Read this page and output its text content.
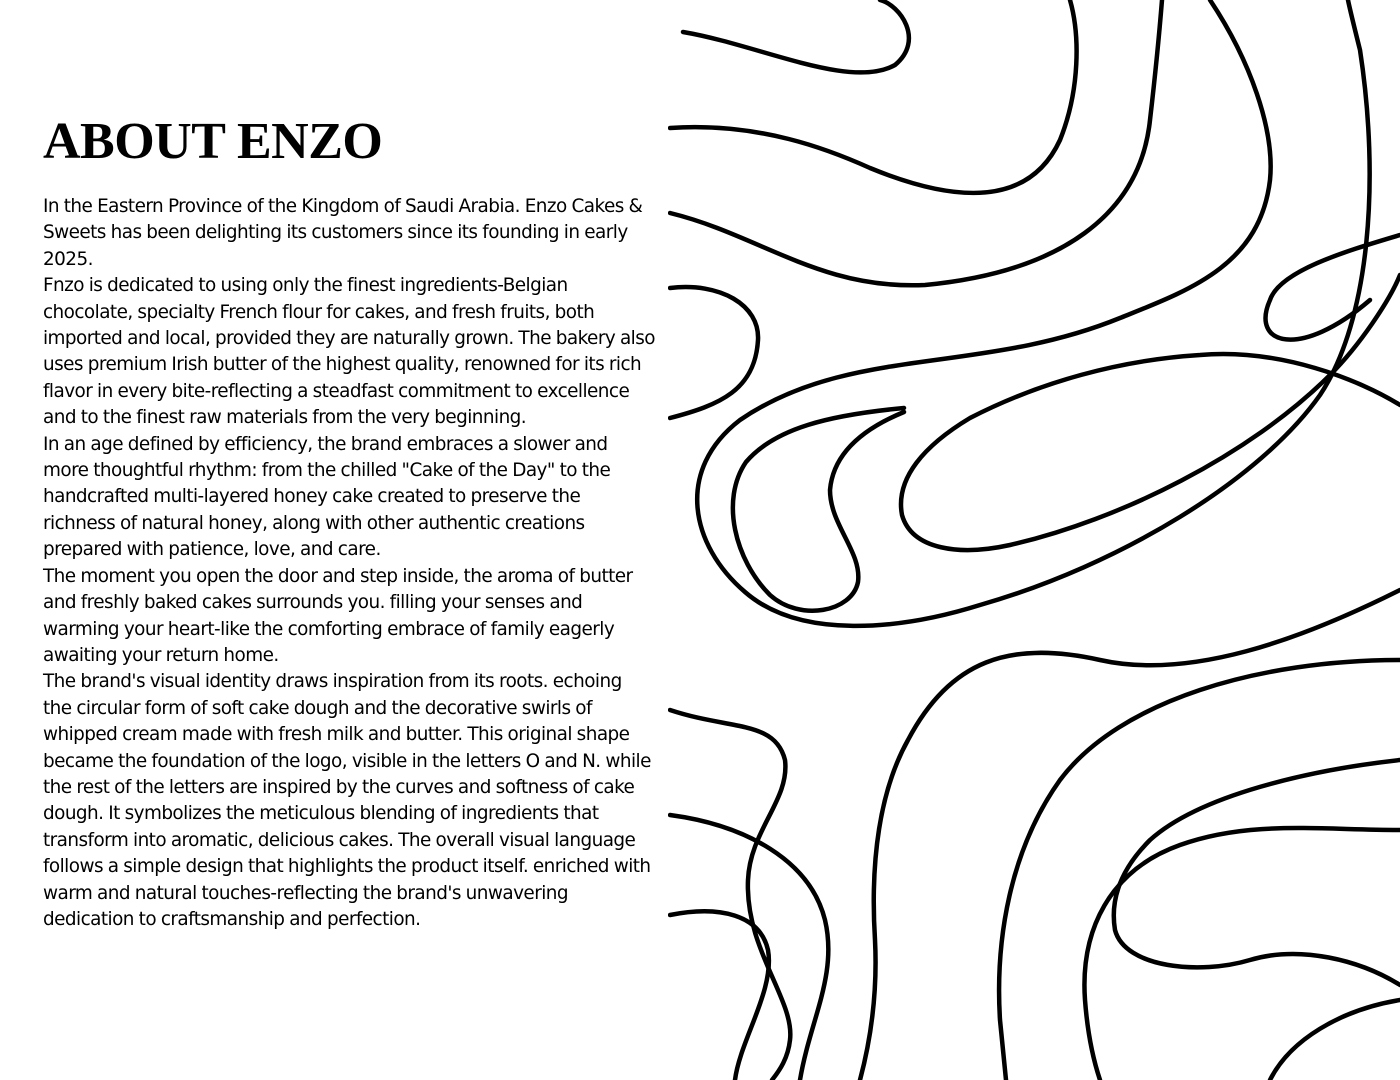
ABOUT ENZO

In the Eastern Province of the Kingdom of Saudi Arabia. Enzo Cakes & Sweets has been delighting its customers since its founding in early 2025.

Fnzo is dedicated to using only the finest ingredients-Belgian chocolate, specialty French flour for cakes, and fresh fruits, both imported and local, provided they are naturally grown. The bakery also uses premium Irish butter of the highest quality, renowned for its rich flavor in every bite-reflecting a steadfast commitment to excellence and to the finest raw materials from the very beginning.

In an age defined by efficiency, the brand embraces a slower and more thoughtful rhythm: from the chilled "Cake of the Day" to the handcrafted multi-layered honey cake created to preserve the richness of natural honey, along with other authentic creations prepared with patience, love, and care.

The moment you open the door and step inside, the aroma of butter and freshly baked cakes surrounds you. filling your senses and warming your heart-like the comforting embrace of family eagerly awaiting your return home.

The brand's visual identity draws inspiration from its roots. echoing the circular form of soft cake dough and the decorative swirls of whipped cream made with fresh milk and butter. This original shape became the foundation of the logo, visible in the letters O and N. while the rest of the letters are inspired by the curves and softness of cake dough. It symbolizes the meticulous blending of ingredients that transform into aromatic, delicious cakes. The overall visual language follows a simple design that highlights the product itself. enriched with warm and natural touches-reflecting the brand's unwavering dedication to craftsmanship and perfection.
